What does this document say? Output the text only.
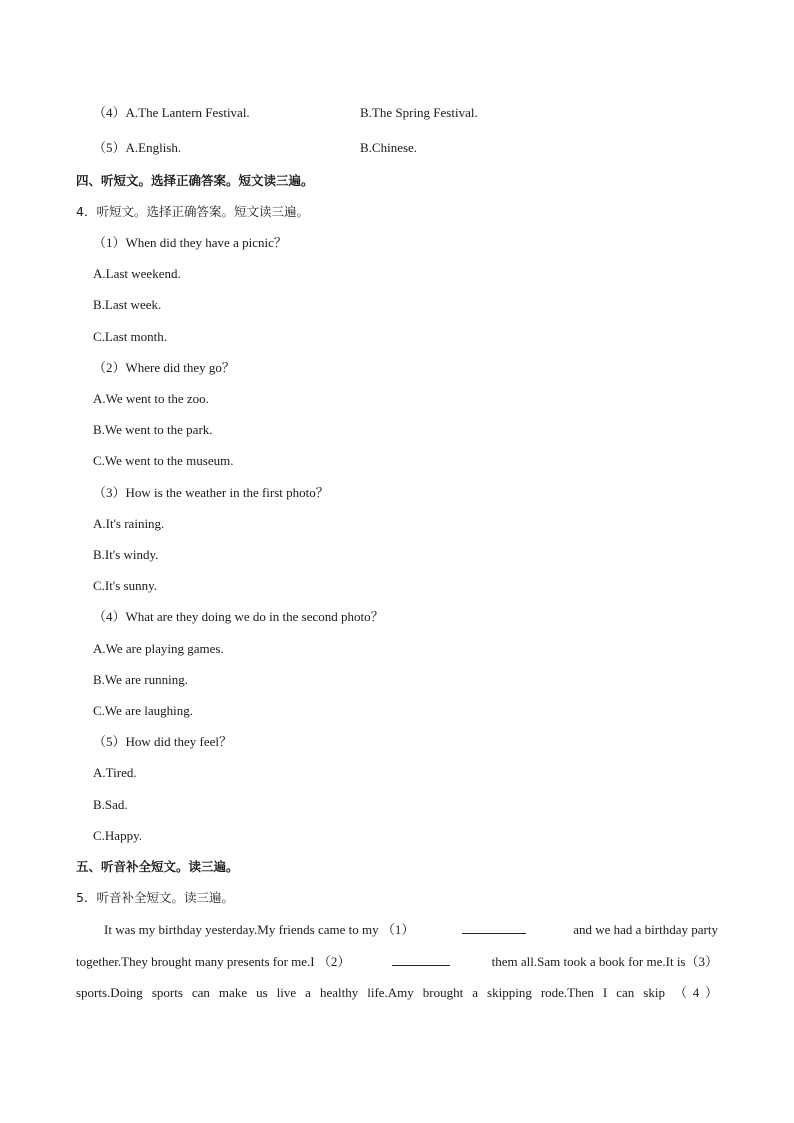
（4）A.The Lantern Festival.	B.The Spring Festival.
（5）A.English.	B.Chinese.
四、听短文。选择正确答案。短文读三遍。
4．听短文。选择正确答案。短文读三遍。
（1）When did they have a picnic？
A.Last weekend.
B.Last week.
C.Last month.
（2）Where did they go？
A.We went to the zoo.
B.We went to the park.
C.We went to the museum.
（3）How is the weather in the first photo？
A.It's raining.
B.It's windy.
C.It's sunny.
（4）What are they doing we do in the second photo？
A.We are playing games.
B.We are running.
C.We are laughing.
（5）How did they feel？
A.Tired.
B.Sad.
C.Happy.
五、听音补全短文。读三遍。
5．听音补全短文。读三遍。
It was my birthday yesterday.My friends came to my （1）	and we had a birthday party
together.They brought many presents for me.I （2）	them all.Sam took a book for me.It is（3）
sports.Doing sports can make us live a healthy life.Amy brought a skipping rode.Then I can skip （4）
